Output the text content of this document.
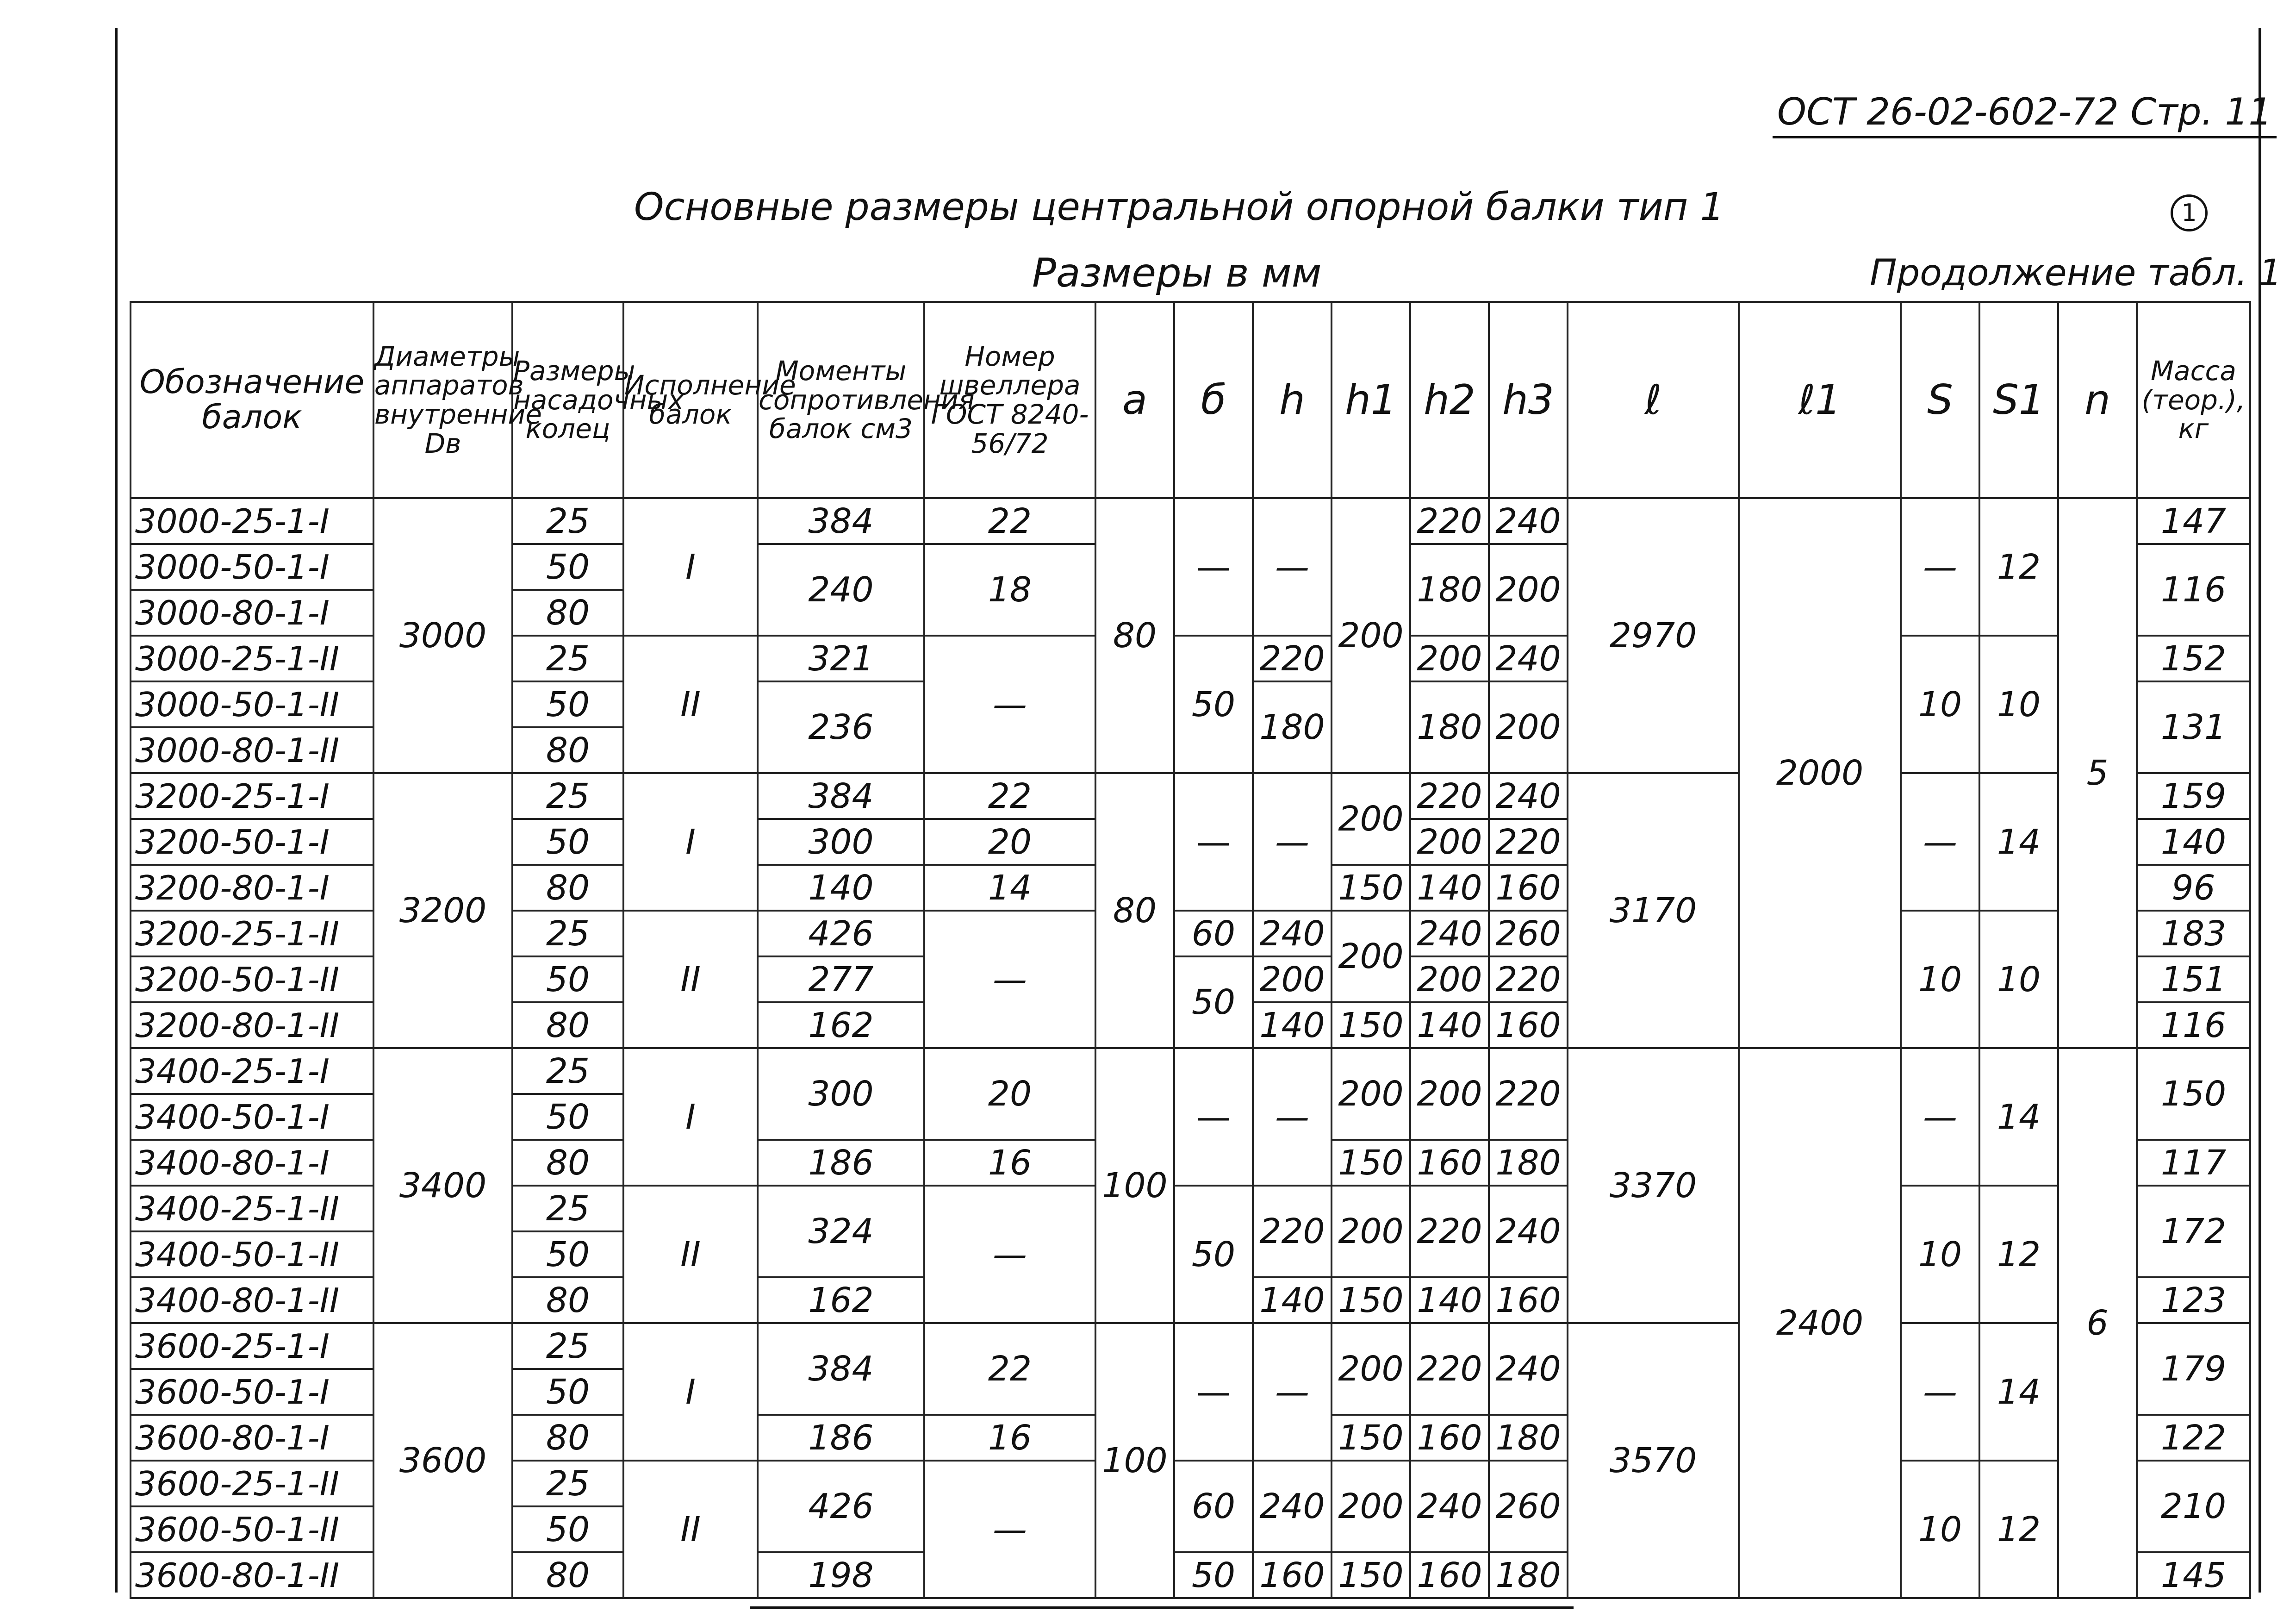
ОСТ 26-02-602-72 Стр. 11
Основные размеры центральной опорной балки тип 1	1
Размеры в мм	Продолжение табл. 1
Обозначение балок	Диаметры аппаратов внутренние Dв	Размеры насадочных колец	Исполнение балок	Моменты сопротивления балок см3	Номер швеллера ГОСТ 8240-56/72	a	б	h	h1	h2	h3	ℓ	ℓ1	S	S1	n	Масса (теор.), кг
3000-25-1-I	3000	25	I	384	22	80	—	—	200	220	240	2970	2000	—	12	5	147
3000-50-1-I		50		240	18					180	200						116
3000-80-1-I		80															
3000-25-1-II		25	II	321	—		50	220		200	240			10	10		152
3000-50-1-II		50		236				180		180	200						131
3000-80-1-II		80															
3200-25-1-I	3200	25	I	384	22	80	—	—	200	220	240	3170		—	14		159
3200-50-1-I		50		300	20					200	220						140
3200-80-1-I		80		140	14				150	140	160						96
3200-25-1-II		25	II	426	—		60	240	200	240	260			10	10		183
3200-50-1-II		50		277			50	200		200	220						151
3200-80-1-II		80		162				140	150	140	160						116
3400-25-1-I	3400	25	I	300	20	100	—	—	200	200	220	3370	2400	—	14	6	150
3400-50-1-I		50															
3400-80-1-I		80		186	16				150	160	180						117
3400-25-1-II		25	II	324	—		50	220	200	220	240			10	12		172
3400-50-1-II		50															
3400-80-1-II		80		162				140	150	140	160						123
3600-25-1-I	3600	25	I	384	22	100	—	—	200	220	240	3570		—	14		179
3600-50-1-I		50															
3600-80-1-I		80		186	16				150	160	180						122
3600-25-1-II		25	II	426	—		60	240	200	240	260			10	12		210
3600-50-1-II		50															
3600-80-1-II		80		198			50	160	150	160	180						145
